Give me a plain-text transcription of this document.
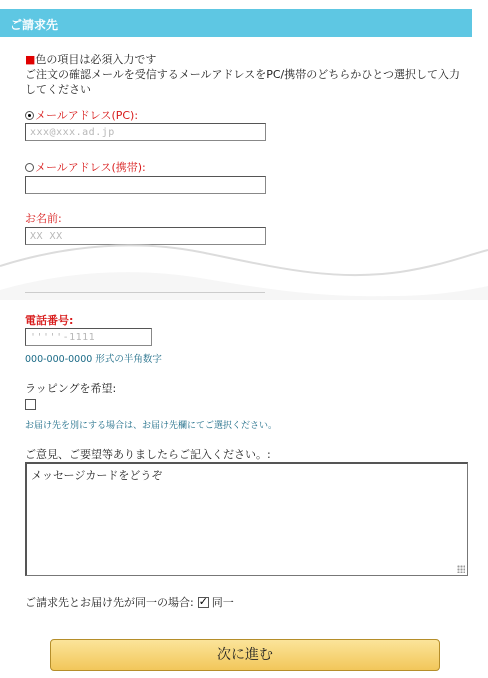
ご請求先
■色の項目は必須入力です
ご注文の確認メールを受信するメールアドレスをPC/携帯のどちらかひとつ選択して入力してください
メールアドレス(PC):
xxx@xxx.ad.jp
メールアドレス(携帯):
お名前:
XX XX
電話番号:
'''''-1111
000-000-0000 形式の半角数字
ラッピングを希望:
お届け先を別にする場合は、お届け先欄にてご選択ください。
ご意見、ご要望等ありましたらご記入ください。:
メッセージカードをどうぞ
ご請求先とお届け先が同一の場合:
✓ 同一
次に進む
